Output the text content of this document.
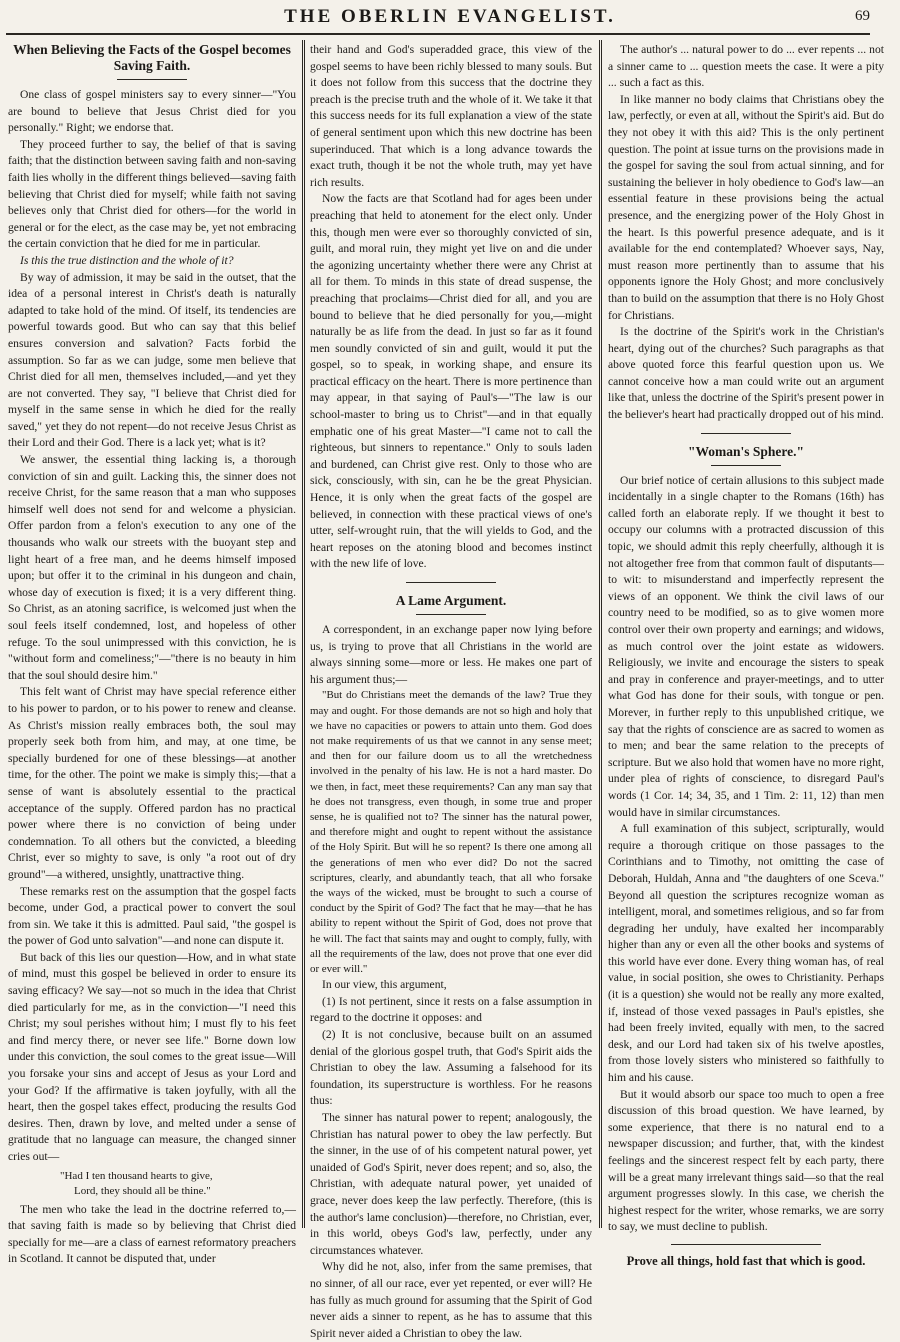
THE OBERLIN EVANGELIST.	69
When Believing the Facts of the Gospel becomes Saving Faith.

One class of gospel ministers say to every sinner—"You are bound to believe that Jesus Christ died for you personally." Right; we endorse that.

They proceed further to say, the belief of that is saving faith; that the distinction between saving faith and non-saving faith lies wholly in the different things believed—saving faith believing that Christ died for myself; while faith not saving believes only that Christ died for others—for the world in general or for the elect, as the case may be, yet not embracing the certain conviction that he died for me in particular.

Is this the true distinction and the whole of it?

By way of admission, it may be said in the outset, that the idea of a personal interest in Christ's death is naturally adapted to take hold of the mind. Of itself, its tendencies are powerful towards good. But who can say that this belief ensures conversion and salvation? Facts forbid the assumption. So far as we can judge, some men believe that Christ died for all men, themselves included,—and yet they are not converted. They say, "I believe that Christ died for myself in the same sense in which he died for the really saved," yet they do not repent—do not receive Jesus Christ as their Lord and their God. There is a lack yet; what is it?

We answer, the essential thing lacking is, a thorough conviction of sin and guilt. Lacking this, the sinner does not receive Christ, for the same reason that a man who supposes himself well does not send for and welcome a physician. Offer pardon from a felon's execution to any one of the thousands who walk our streets with the buoyant step and light heart of a free man, and he deems himself imposed upon; but offer it to the criminal in his dungeon and chain, whose day of execution is fixed; it is a very different thing. So Christ, as an atoning sacrifice, is welcomed just when the soul feels itself condemned, lost, and hopeless of other refuge. To the soul unimpressed with this conviction, he is "without form and comeliness;"—"there is no beauty in him that the soul should desire him."

This felt want of Christ may have special reference either to his power to pardon, or to his power to renew and cleanse. As Christ's mission really embraces both, the soul may properly seek both from him, and may, at one time, be specially burdened for one of these blessings—at another time, for the other. The point we make is simply this;—that a sense of want is absolutely essential to the practical acceptance of the supply. Offered pardon has no practical power where there is no conviction of being under condemnation. To all others but the convicted, a bleeding Christ, ever so mighty to save, is only "a root out of dry ground"—a withered, unsightly, unattractive thing.

These remarks rest on the assumption that the gospel facts become, under God, a practical power to convert the soul from sin. We take it this is admitted. Paul said, "the gospel is the power of God unto salvation"—and none can dispute it.

But back of this lies our question—How, and in what state of mind, must this gospel be believed in order to ensure its saving efficacy? We say—not so much in the idea that Christ died particularly for me, as in the conviction—"I need this Christ; my soul perishes without him; I must fly to his feet and find mercy there, or never see life." Borne down low under this conviction, the soul comes to the great issue—Will you forsake your sins and accept of Jesus as your Lord and your God? If the affirmative is taken joyfully, with all the heart, then the gospel takes effect, producing the results God desires. Then, drawn by love, and melted under a sense of gratitude that no language can measure, the changed sinner cries out—

"Had I ten thousand hearts to give,
Lord, they should all be thine."

The men who take the lead in the doctrine referred to,—that saving faith is made so by believing that Christ died specially for me—are a class of earnest reformatory preachers in Scotland. It cannot be disputed that, under

their hand and God's superadded grace, this view of the gospel seems to have been richly blessed to many souls. But it does not follow from this success that the doctrine they preach is the precise truth and the whole of it. We take it that this success needs for its full explanation a view of the state of general sentiment upon which this new doctrine has been superinduced. That which is a long advance towards the exact truth, though it be not the whole truth, may yet have rich results.

Now the facts are that Scotland had for ages been under preaching that held to atonement for the elect only. Under this, though men were ever so thoroughly convicted of sin, guilt, and moral ruin, they might yet live on and die under the agonizing uncertainty whether there were any Christ at all for them. To minds in this state of dread suspense, the preaching that proclaims—Christ died for all, and you are bound to believe that he died personally for you,—might naturally be as life from the dead. In just so far as it found men soundly convicted of sin and guilt, would it put the gospel, so to speak, in working shape, and ensure its practical efficacy on the heart. There is more pertinence than may appear, in that saying of Paul's—"The law is our school-master to bring us to Christ"—and in that equally emphatic one of his great Master—"I came not to call the righteous, but sinners to repentance." Only to souls laden and burdened, can Christ give rest. Only to those who are sick, consciously, with sin, can he be the great Physician. Hence, it is only when the great facts of the gospel are believed, in connection with these practical views of one's utter, self-wrought ruin, that the will yields to God, and the heart reposes on the atoning blood and becomes instinct with the new life of love.

A Lame Argument.

A correspondent, in an exchange paper now lying before us, is trying to prove that all Christians in the world are always sinning some—more or less. He makes one part of his argument thus;—

"But do Christians meet the demands of the law? True they may and ought. For those demands are not so high and holy that we have no capacities or powers to attain unto them. God does not make requirements of us that we cannot in any sense meet; and then for our failure doom us to all the wretchedness involved in the penalty of his law. He is not a hard master. Do we then, in fact, meet these requirements? Can any man say that he does not transgress, even though, in some true and proper sense, he is qualified not to? The sinner has the natural power, and therefore might and ought to repent without the assistance of the Holy Spirit. But will he so repent? Is there one among all the generations of men who ever did? Do not the sacred scriptures, clearly, and abundantly teach, that all who forsake the ways of the wicked, must be brought to such a course of conduct by the Spirit of God? The fact that he may—that he has ability to repent without the Spirit of God, does not prove that he will. The fact that saints may and ought to comply, fully, with all the requirements of the law, does not prove that one ever did or ever will."

In our view, this argument,

(1) Is not pertinent, since it rests on a false assumption in regard to the doctrine it opposes: and

(2) It is not conclusive, because built on an assumed denial of the glorious gospel truth, that God's Spirit aids the Christian to obey the law. Assuming a falsehood for its foundation, its superstructure is worthless. For he reasons thus:

The sinner has natural power to repent; analogously, the Christian has natural power to obey the law perfectly. But the sinner, in the use of of his competent natural power, yet unaided of God's Spirit, never does repent; and so, also, the Christian, with adequate natural power, yet unaided of grace, never does keep the law perfectly. Therefore, (this is the author's lame conclusion)—therefore, no Christian, ever, in this world, obeys God's law, perfectly, under any circumstances whatever.

Why did he not, also, infer from the same premises, that no sinner, of all our race, ever yet repented, or ever will? He has fully as much ground for assuming that the Spirit of God never aids a sinner to repent, as he has to assume that this Spirit never aided a Christian to obey the law.

The author's ... natural power to do ... ever repents ... not a sinner came to ... question meets the case. It were a pity ... such a fact as this.

In like manner no body claims that Christians obey the law, perfectly, or even at all, without the Spirit's aid. But do they not obey it with this aid? This is the only pertinent question. The point at issue turns on the provisions made in the gospel for saving the soul from actual sinning, and for sustaining the believer in holy obedience to God's law—an essential feature in these provisions being the actual presence, and the energizing power of the Holy Ghost in the heart. Is this powerful presence adequate, and is it available for the end contemplated? Whoever says, Nay, must reason more pertinently than to assume that his opponents ignore the Holy Ghost; and more conclusively than to build on the assumption that there is no Holy Ghost for Christians.

Is the doctrine of the Spirit's work in the Christian's heart, dying out of the churches? Such paragraphs as that above quoted force this fearful question upon us. We cannot conceive how a man could write out an argument like that, unless the doctrine of the Spirit's present power in the believer's heart had practically dropped out of his mind.

"Woman's Sphere."

Our brief notice of certain allusions to this subject made incidentally in a single chapter to the Romans (16th) has called forth an elaborate reply. If we thought it best to occupy our columns with a protracted discussion of this topic, we should admit this reply cheerfully, although it is not altogether free from that common fault of disputants—to wit: to misunderstand and imperfectly represent the views of an opponent. We think the civil laws of our country need to be modified, so as to give women more control over their own property and earnings; and widows, as much control over the joint estate as widowers. Religiously, we invite and encourage the sisters to speak and pray in conference and prayer-meetings, and to utter what God has done for their souls, with tongue or pen. Morever, in further reply to this unpublished critique, we say that the rights of conscience are as sacred to women as to men; and bear the same relation to the precepts of scripture. But we also hold that women have no more right, under plea of rights of conscience, to disregard Paul's words (1 Cor. 14; 34, 35, and 1 Tim. 2: 11, 12) than men would have in similar circumstances.

A full examination of this subject, scripturally, would require a thorough critique on those passages to the Corinthians and to Timothy, not omitting the case of Deborah, Huldah, Anna and "the daughters of one Sceva." Beyond all question the scriptures recognize woman as intelligent, moral, and sometimes religious, and so far from degrading her unduly, have exalted her incomparably higher than any or even all the other books and systems of this world have ever done. Every thing woman has, of real value, in social position, she owes to Christianity. Perhaps (it is a question) she would not be really any more exalted, if, instead of those vexed passages in Paul's epistles, she had been freely invited, equally with men, to the sacred desk, and our Lord had taken six of his twelve apostles, from those lovely sisters who ministered so faithfully to him and his cause.

But it would absorb our space too much to open a free discussion of this broad question. We have learned, by some experience, that there is no natural end to a newspaper discussion; and further, that, with the kindest feelings and the sincerest respect felt by each party, there will be a great many irrelevant things said—so that the real argument progresses slowly. In this case, we cherish the highest respect for the writer, whose remarks, we are sorry to say, we must decline to publish.

Prove all things, hold fast that which is good.
